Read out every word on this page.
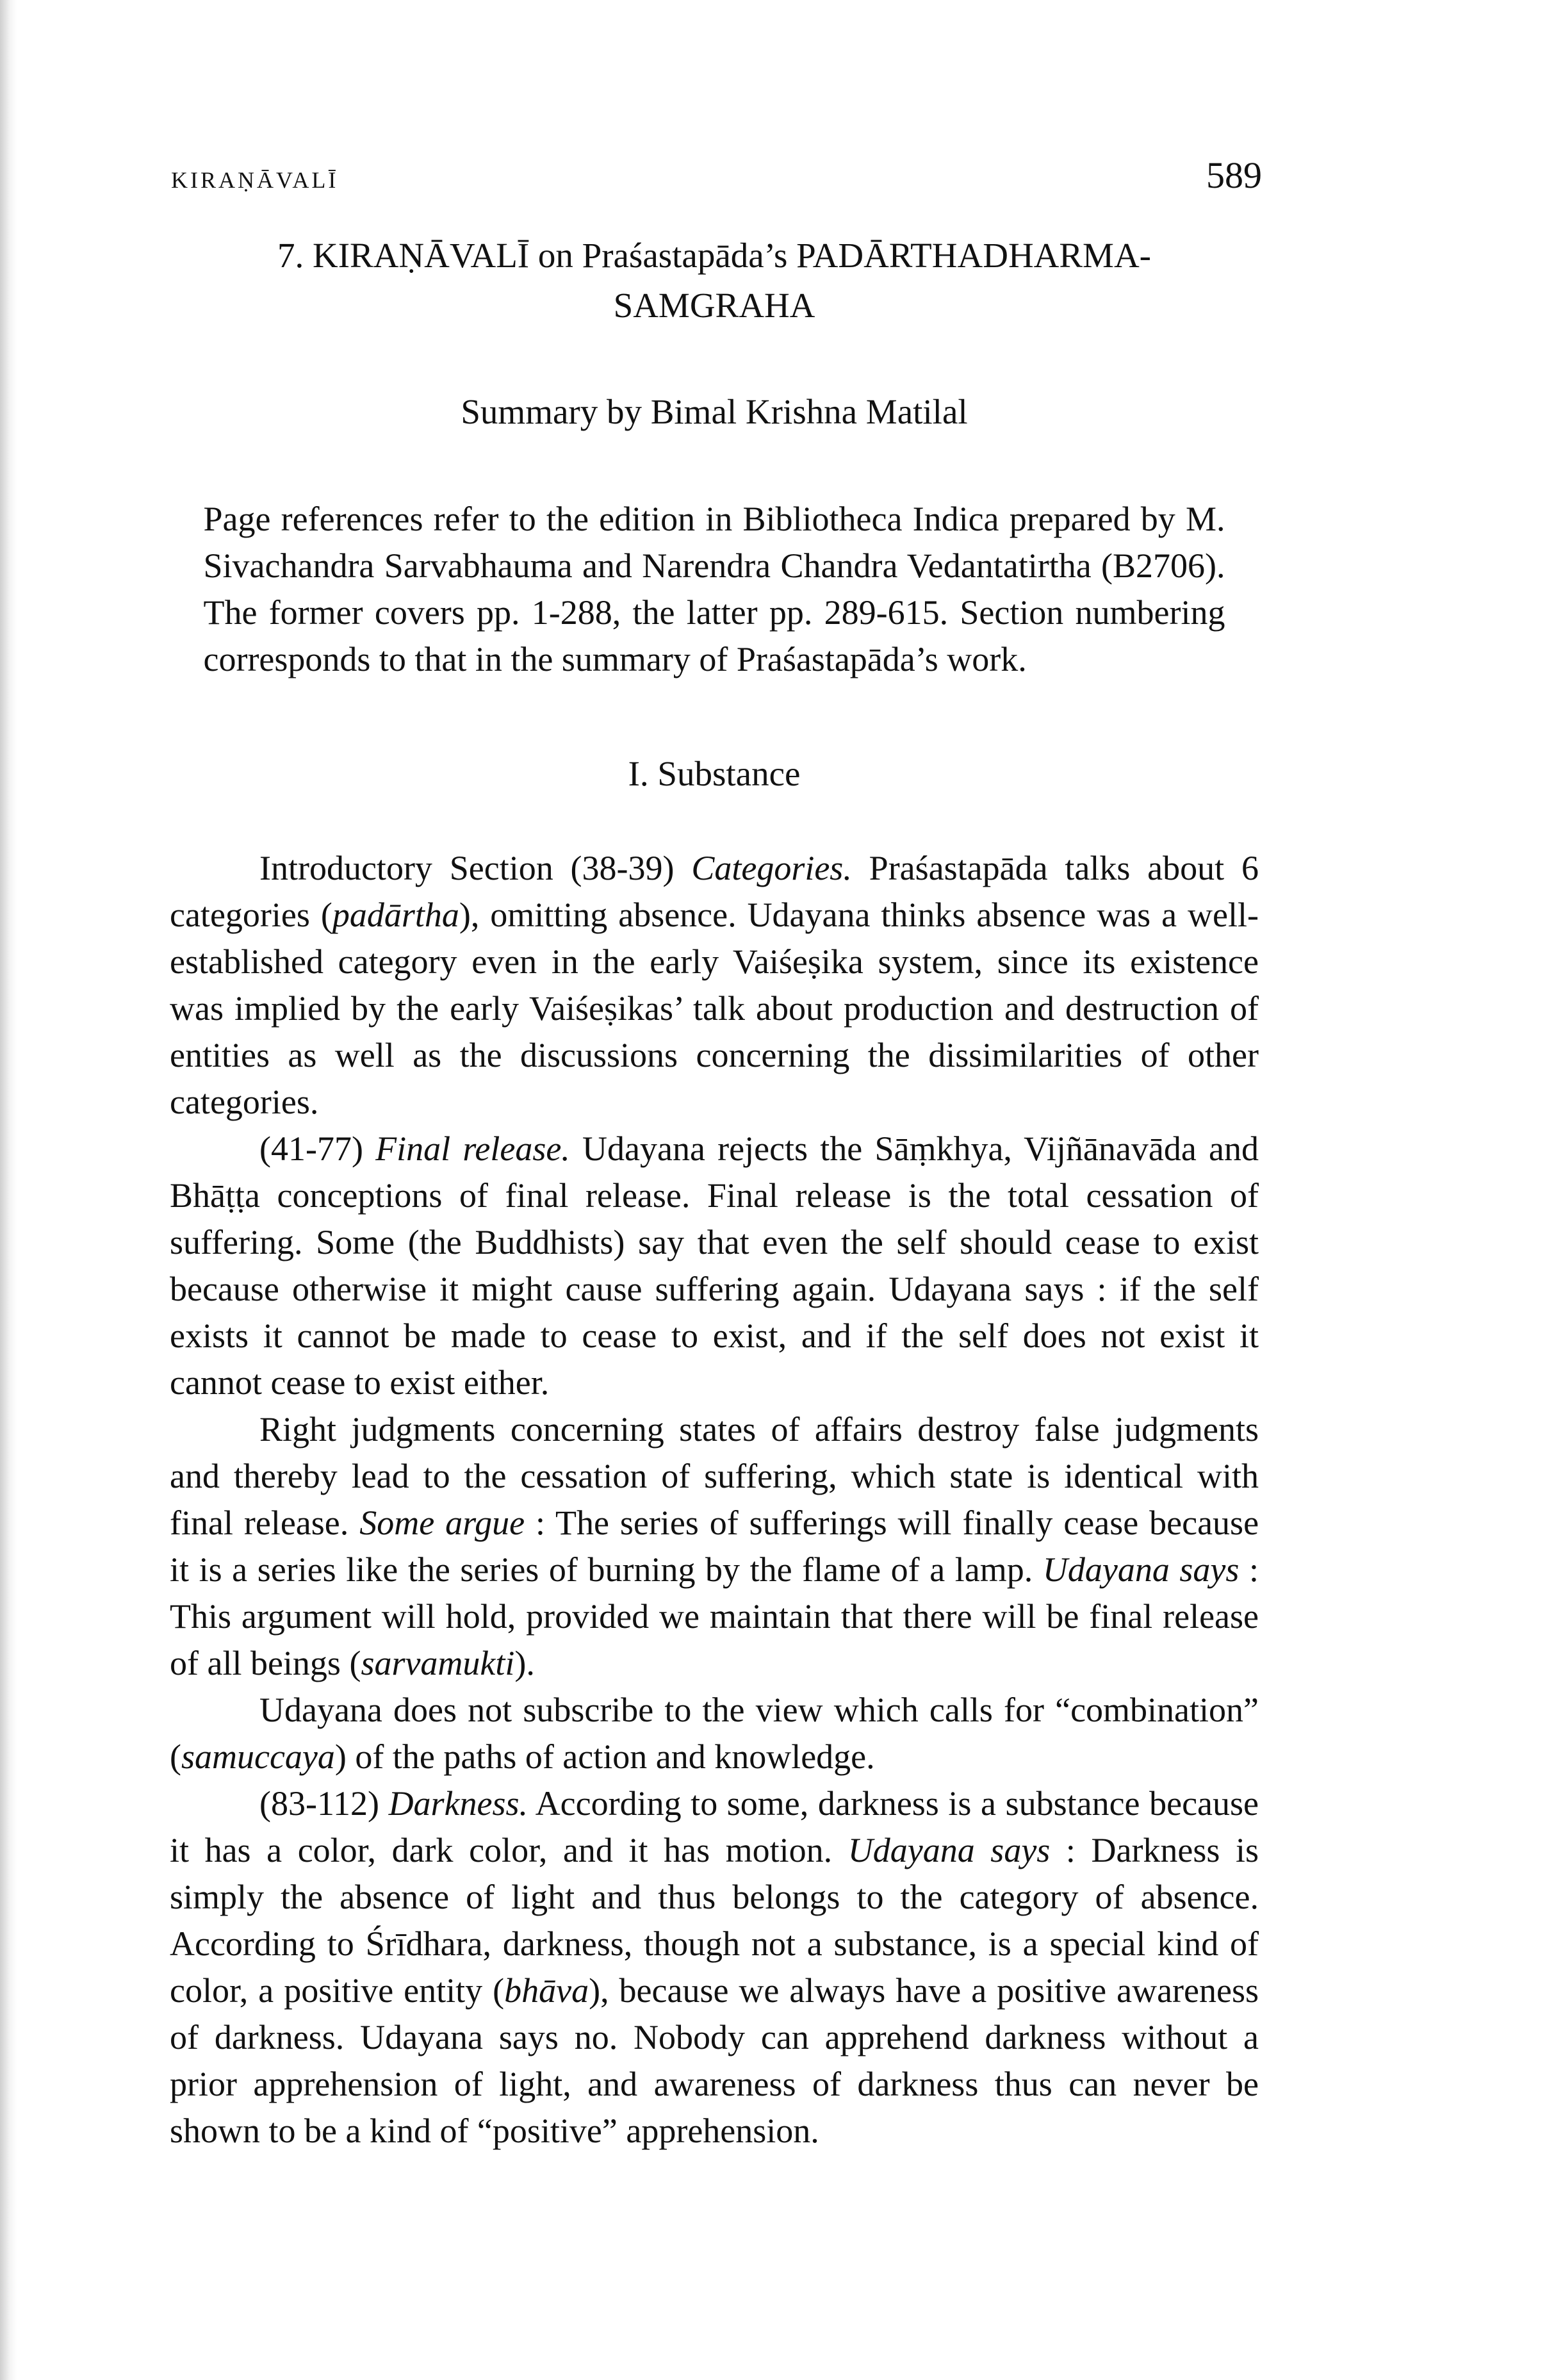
KIRAṆĀVALĪ	589
7. KIRAṆĀVALĪ on Praśastapāda’s PADĀRTHADHARMA-
SAMGRAHA
Summary by Bimal Krishna Matilal
Page references refer to the edition in Bibliotheca Indica prepared by M. Sivachandra Sarvabhauma and Narendra Chandra Vedantatirtha (B2706). The former covers pp. 1-288, the latter pp. 289-615. Section numbering corresponds to that in the summary of Praśastapāda’s work.
I. Substance

Introductory Section (38-39) Categories. Praśastapāda talks about 6 categories (padārtha), omitting absence. Udayana thinks absence was a well-established category even in the early Vaiśeṣika system, since its existence was implied by the early Vaiśeṣikas’ talk about production and destruction of entities as well as the discussions concerning the dissimilarities of other categories.

(41-77) Final release. Udayana rejects the Sāṃkhya, Vijñānavāda and Bhāṭṭa conceptions of final release. Final release is the total cessation of suffering. Some (the Buddhists) say that even the self should cease to exist because otherwise it might cause suffering again. Udayana says : if the self exists it cannot be made to cease to exist, and if the self does not exist it cannot cease to exist either.

Right judgments concerning states of affairs destroy false judgments and thereby lead to the cessation of suffering, which state is identical with final release. Some argue : The series of sufferings will finally cease because it is a series like the series of burning by the flame of a lamp. Udayana says : This argument will hold, provided we maintain that there will be final release of all beings (sarvamukti).

Udayana does not subscribe to the view which calls for “combination” (samuccaya) of the paths of action and knowledge.

(83-112) Darkness. According to some, darkness is a substance because it has a color, dark color, and it has motion. Udayana says : Darkness is simply the absence of light and thus belongs to the category of absence. According to Śrīdhara, darkness, though not a substance, is a special kind of color, a positive entity (bhāva), because we always have a positive awareness of darkness. Udayana says no. Nobody can apprehend darkness without a prior apprehension of light, and awareness of darkness thus can never be shown to be a kind of “positive” apprehension.
